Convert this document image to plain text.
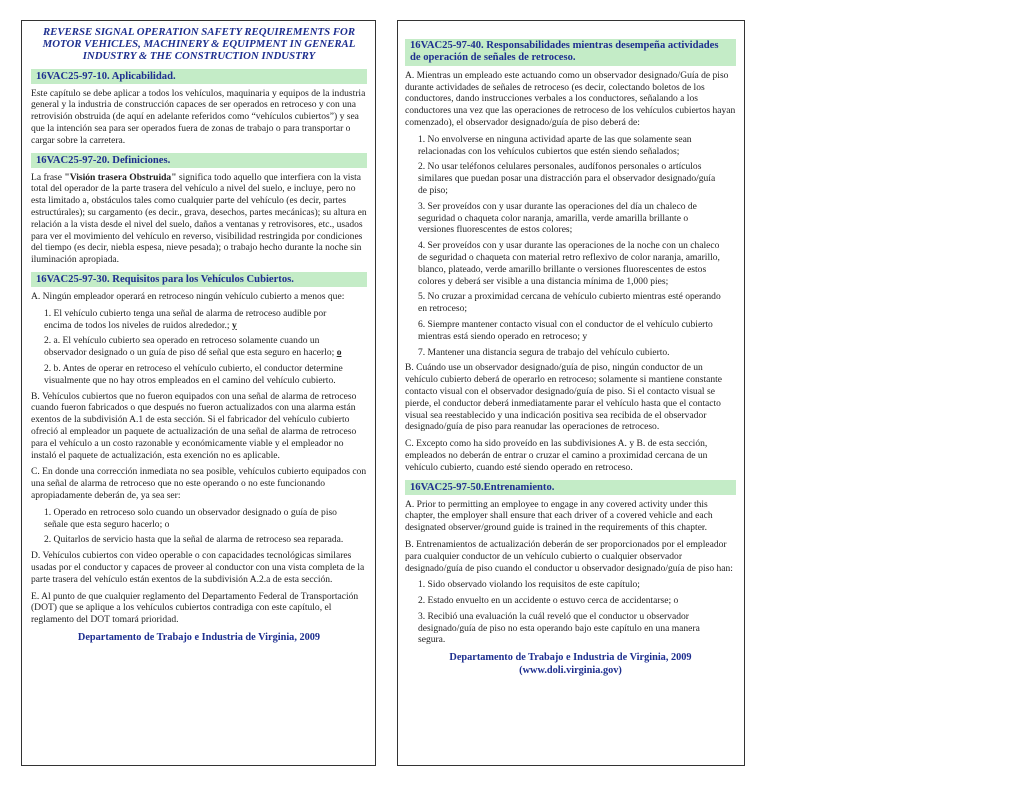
REVERSE SIGNAL OPERATION SAFETY REQUIREMENTS FOR MOTOR VEHICLES, MACHINERY & EQUIPMENT IN GENERAL INDUSTRY & THE CONSTRUCTION INDUSTRY
16VAC25-97-10. Aplicabilidad.

Este capítulo se debe aplicar a todos los vehículos, maquinaria y equipos de la industria general y la industria de construcción capaces de ser operados en retroceso y con una retrovisión obstruida (de aquí en adelante referidos como “vehículos cubiertos”) y sea que la intención sea para ser operados fuera de zonas de trabajo o para transportar o cargar sobre la carretera.

16VAC25-97-20. Definiciones.

La frase "Visión trasera Obstruida" significa todo aquello que interfiera con la vista total del operador de la parte trasera del vehículo a nivel del suelo, e incluye, pero no esta limitado a, obstáculos tales como cualquier parte del vehículo (es decir, partes estructúrales); su cargamento (es decir., grava, desechos, partes mecánicas); su altura en relación a la vista desde el nivel del suelo, daños a ventanas y retrovisores, etc., usados para ver el movimiento del vehículo en reverso, visibilidad restringida por condiciones del tiempo (es decir, niebla espesa, nieve pesada); o trabajo hecho durante la noche sin iluminación apropiada.

16VAC25-97-30. Requisitos para los Vehículos Cubiertos.

A. Ningún empleador operará en retroceso ningún vehículo cubierto a menos que:

1. El vehículo cubierto tenga una señal de alarma de retroceso audible por encima de todos los niveles de ruidos alrededor.; y

2. a. El vehículo cubierto sea operado en retroceso solamente cuando un observador designado o un guía de piso dé señal que esta seguro en hacerlo; o

2. b. Antes de operar en retroceso el vehículo cubierto, el conductor determine visualmente que no hay otros empleados en el camino del vehículo cubierto.

B. Vehículos cubiertos que no fueron equipados con una señal de alarma de retroceso cuando fueron fabricados o que después no fueron actualizados con una alarma están exentos de la subdivisión A.1 de esta sección. Si el fabricador del vehículo cubierto ofreció al empleador un paquete de actualización de una señal de alarma de retroceso para el vehículo a un costo razonable y económicamente viable y el empleador no instaló el paquete de actualización, esta exención no es aplicable.

C. En donde una corrección inmediata no sea posible, vehículos cubierto equipados con una señal de alarma de retroceso que no este operando o no este funcionando apropiadamente deberán de, ya sea ser:

1. Operado en retroceso solo cuando un observador designado o guía de piso señale que esta seguro hacerlo; o

2. Quitarlos de servicio hasta que la señal de alarma de retroceso sea reparada.

D. Vehículos cubiertos con video operable o con capacidades tecnológicas similares usadas por el conductor y capaces de proveer al conductor con una vista completa de la parte trasera del vehículo están exentos de la subdivisión A.2.a de esta sección.

E. Al punto de que cualquier reglamento del Departamento Federal de Transportación (DOT) que se aplique a los vehículos cubiertos contradiga con este capítulo, el reglamento del DOT tomará prioridad.

Departamento de Trabajo e Industria de Virginia, 2009
16VAC25-97-40. Responsabilidades mientras desempeña actividades de operación de señales de retroceso.

A. Mientras un empleado este actuando como un observador designado/Guía de piso durante actividades de señales de retroceso (es decir, colectando boletos de los conductores, dando instrucciones verbales a los conductores, señalando a los conductores una vez que las operaciones de retroceso de los vehículos cubiertos hayan comenzado), el observador designado/guía de piso deberá de:

1. No envolverse en ninguna actividad aparte de las que solamente sean relacionadas con los vehículos cubiertos que estén siendo señalados;

2. No usar teléfonos celulares personales, audífonos personales o artículos similares que puedan posar una distracción para el observador designado/guía de piso;

3. Ser proveídos con y usar durante las operaciones del día un chaleco de seguridad o chaqueta color naranja, amarilla, verde amarilla brillante o versiones fluorescentes de estos colores;

4. Ser proveídos con y usar durante las operaciones de la noche con un chaleco de seguridad o chaqueta con material retro reflexivo de color naranja, amarillo, blanco, plateado, verde amarillo brillante o versiones fluorescentes de estos colores y deberá ser visible a una distancia mínima de 1,000 pies;

5. No cruzar a proximidad cercana de vehículo cubierto mientras esté operando en retroceso;

6. Siempre mantener contacto visual con el conductor de el vehículo cubierto mientras está siendo operado en retroceso; y

7. Mantener una distancia segura de trabajo del vehículo cubierto.

B. Cuándo use un observador designado/guía de piso, ningún conductor de un vehículo cubierto deberá de operarlo en retroceso; solamente si mantiene constante contacto visual con el observador designado/guía de piso. Si el contacto visual se pierde, el conductor deberá inmediatamente parar el vehículo hasta que el contacto visual sea reestablecido y una indicación positiva sea recibida de el observador designado/guía de piso para reanudar las operaciones de retroceso.

C. Excepto como ha sido proveído en las subdivisiones A. y B. de esta sección, empleados no deberán de entrar o cruzar el camino a proximidad cercana de un vehículo cubierto, cuando esté siendo operado en retroceso.

16VAC25-97-50.Entrenamiento.

A. Prior to permitting an employee to engage in any covered activity under this chapter, the employer shall ensure that each driver of a covered vehicle and each designated observer/ground guide is trained in the requirements of this chapter.

B. Entrenamientos de actualización deberán de ser proporcionados por el empleador para cualquier conductor de un vehículo cubierto o cualquier observador designado/guía de piso cuando el conductor u observador designado/guía de piso han:

1. Sido observado violando los requisitos de este capítulo;

2. Estado envuelto en un accidente o estuvo cerca de accidentarse; o

3. Recibió una evaluación la cuál reveló que el conductor u observador designado/guía de piso no esta operando bajo este capítulo en una manera segura.

Departamento de Trabajo e Industria de Virginia, 2009
(www.doli.virginia.gov)
